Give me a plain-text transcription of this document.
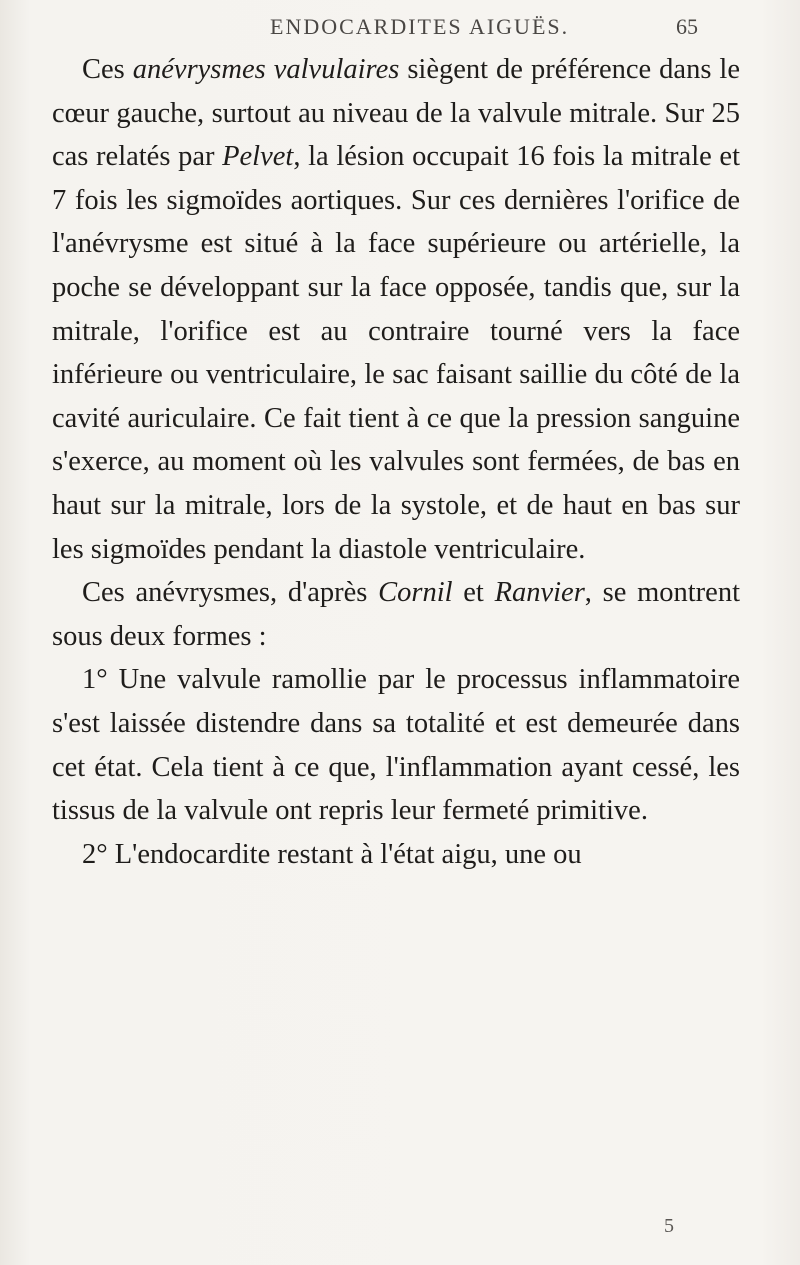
ENDOCARDITES AIGUËS.	65

Ces anévrysmes valvulaires siègent de préférence dans le cœur gauche, surtout au niveau de la valvule mitrale. Sur 25 cas relatés par Pelvet, la lésion occupait 16 fois la mitrale et 7 fois les sigmoïdes aortiques. Sur ces dernières l'orifice de l'anévrysme est situé à la face supérieure ou artérielle, la poche se développant sur la face opposée, tandis que, sur la mitrale, l'orifice est au contraire tourné vers la face inférieure ou ventriculaire, le sac faisant saillie du côté de la cavité auriculaire. Ce fait tient à ce que la pression sanguine s'exerce, au moment où les valvules sont fermées, de bas en haut sur la mitrale, lors de la systole, et de haut en bas sur les sigmoïdes pendant la diastole ventriculaire.

Ces anévrysmes, d'après Cornil et Ranvier, se montrent sous deux formes :

1° Une valvule ramollie par le processus inflammatoire s'est laissée distendre dans sa totalité et est demeurée dans cet état. Cela tient à ce que, l'inflammation ayant cessé, les tissus de la valvule ont repris leur fermeté primitive.

2° L'endocardite restant à l'état aigu, une ou

5
